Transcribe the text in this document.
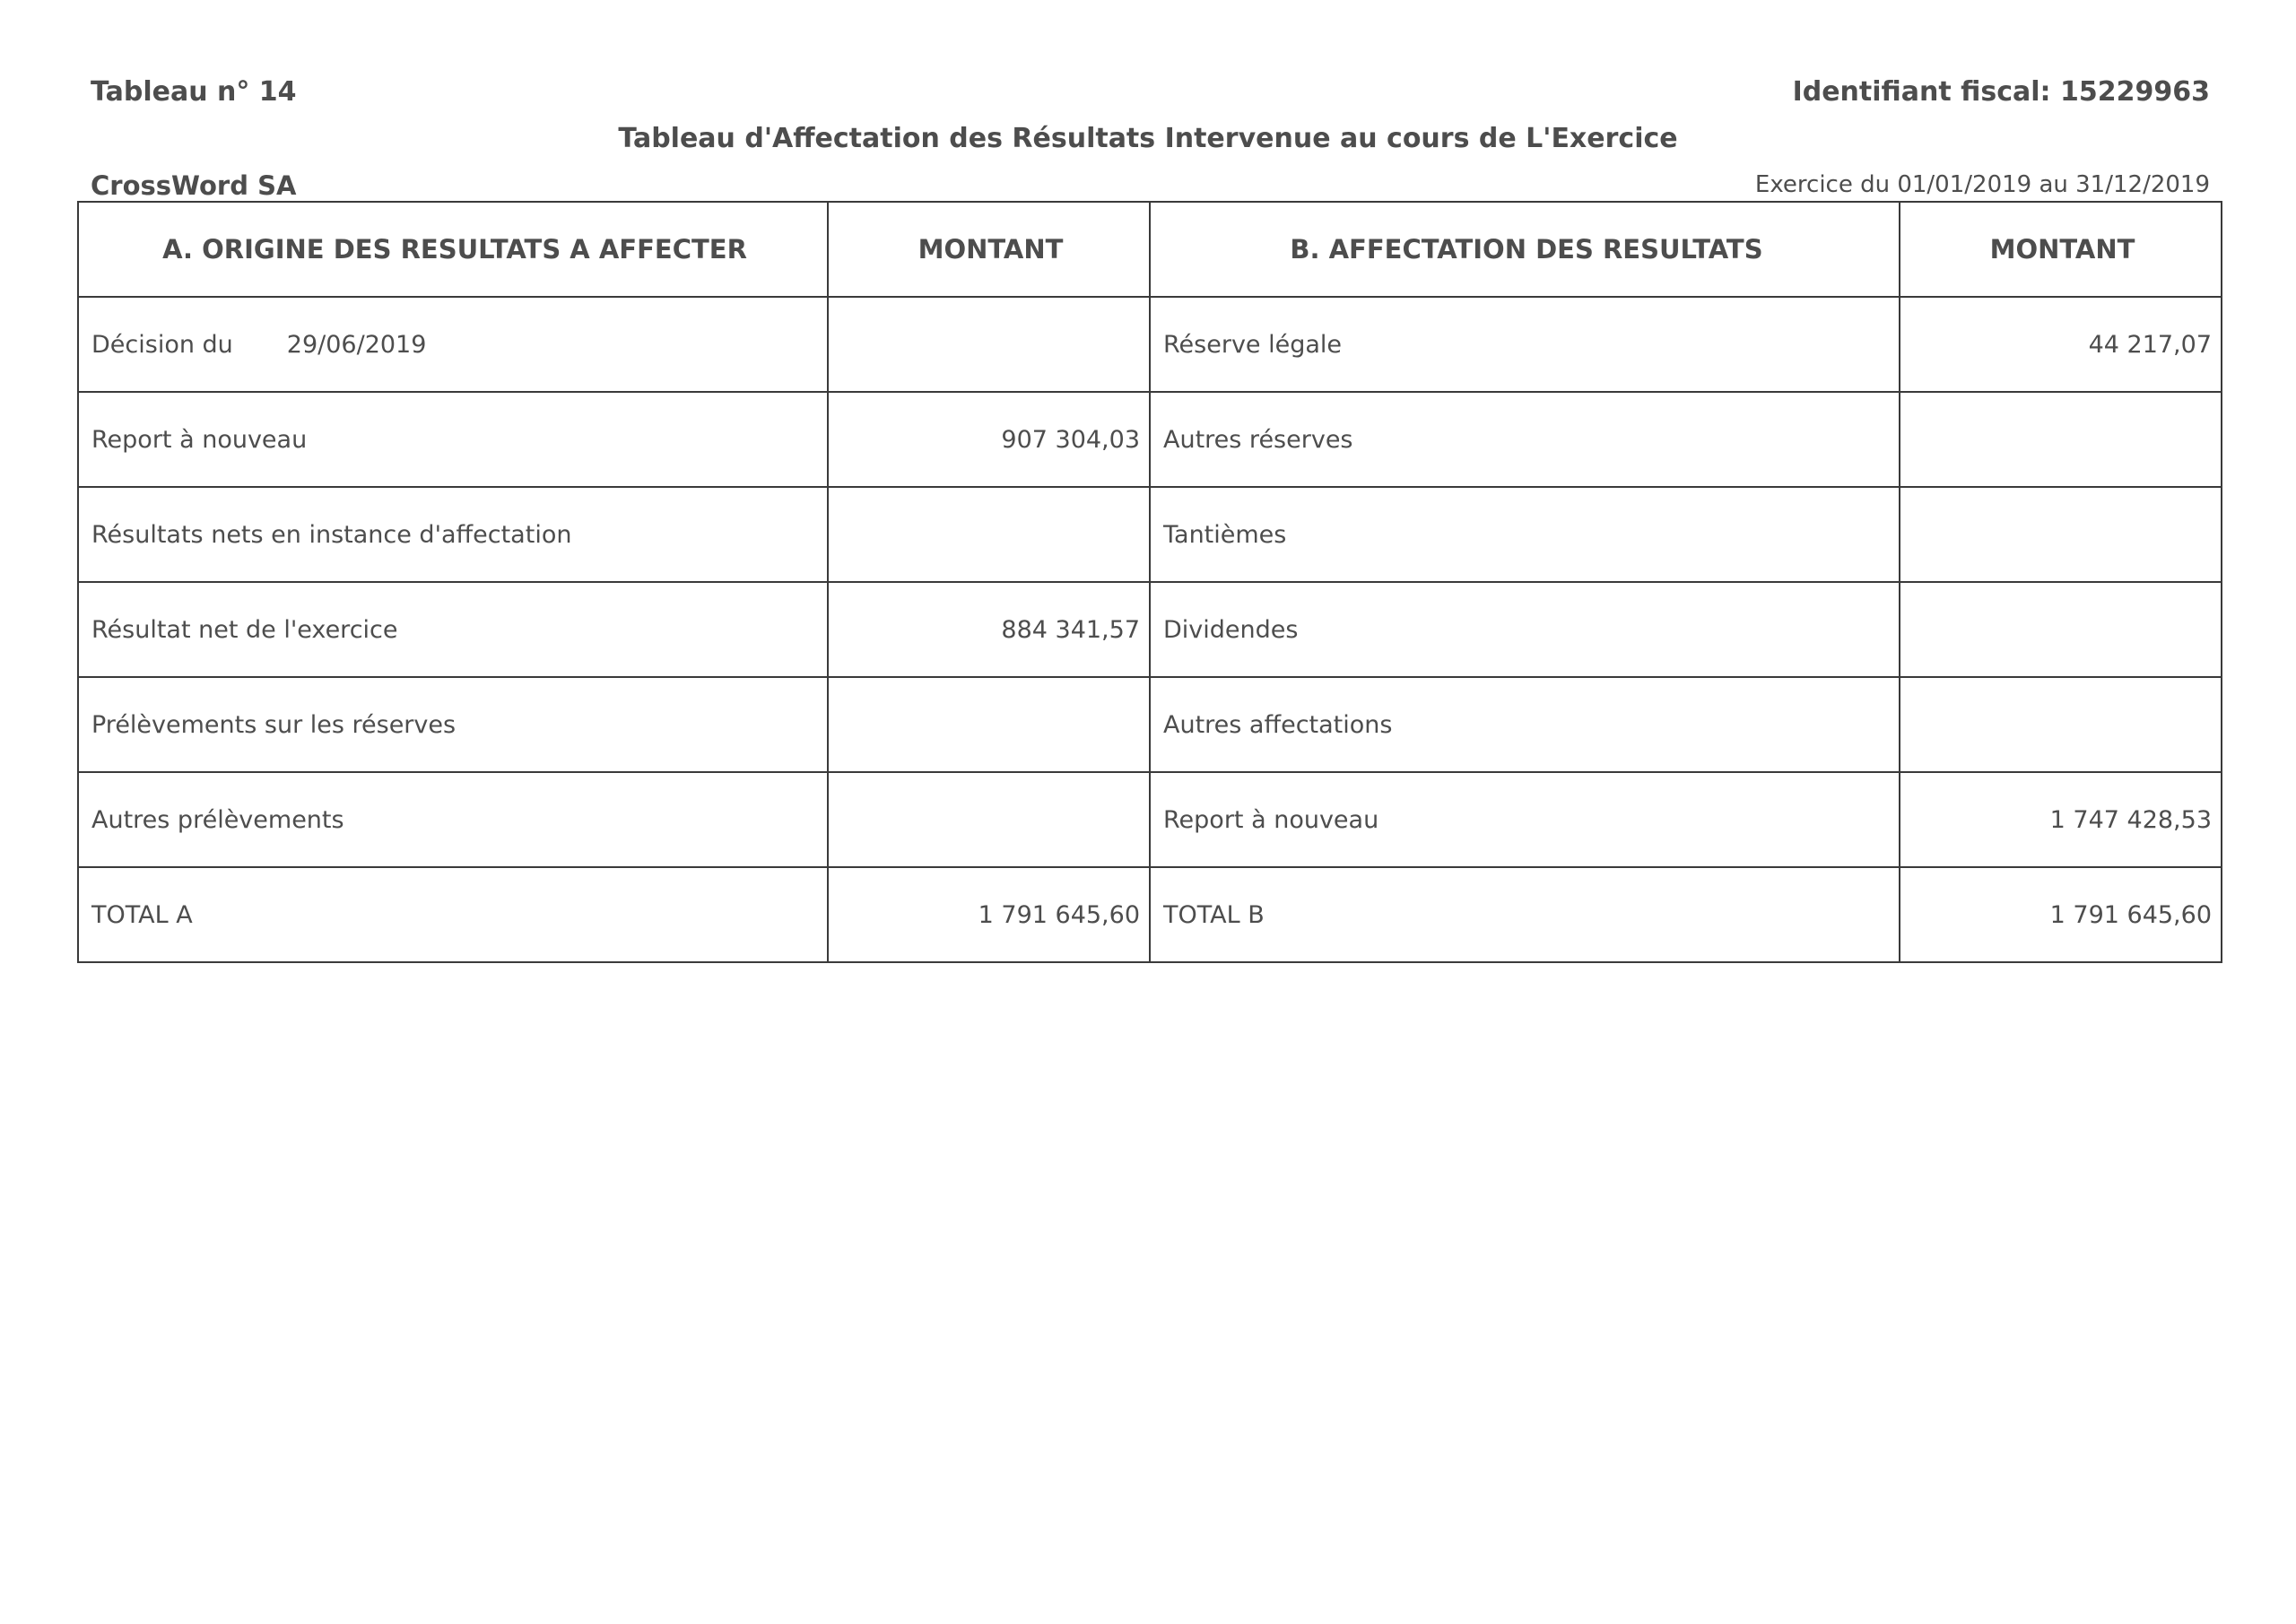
Tableau n° 14	Identifiant fiscal: 15229963
Tableau d'Affectation des Résultats Intervenue au cours de L'Exercice
CrossWord SA	Exercice du 01/01/2019 au 31/12/2019
A. ORIGINE DES RESULTATS A AFFECTER	MONTANT	B. AFFECTATION DES RESULTATS	MONTANT
Décision du 29/06/2019		Réserve légale	44 217,07
Report à nouveau	907 304,03	Autres réserves	
Résultats nets en instance d'affectation		Tantièmes	
Résultat net de l'exercice	884 341,57	Dividendes	
Prélèvements sur les réserves		Autres affectations	
Autres prélèvements		Report à nouveau	1 747 428,53
TOTAL A	1 791 645,60	TOTAL B	1 791 645,60
